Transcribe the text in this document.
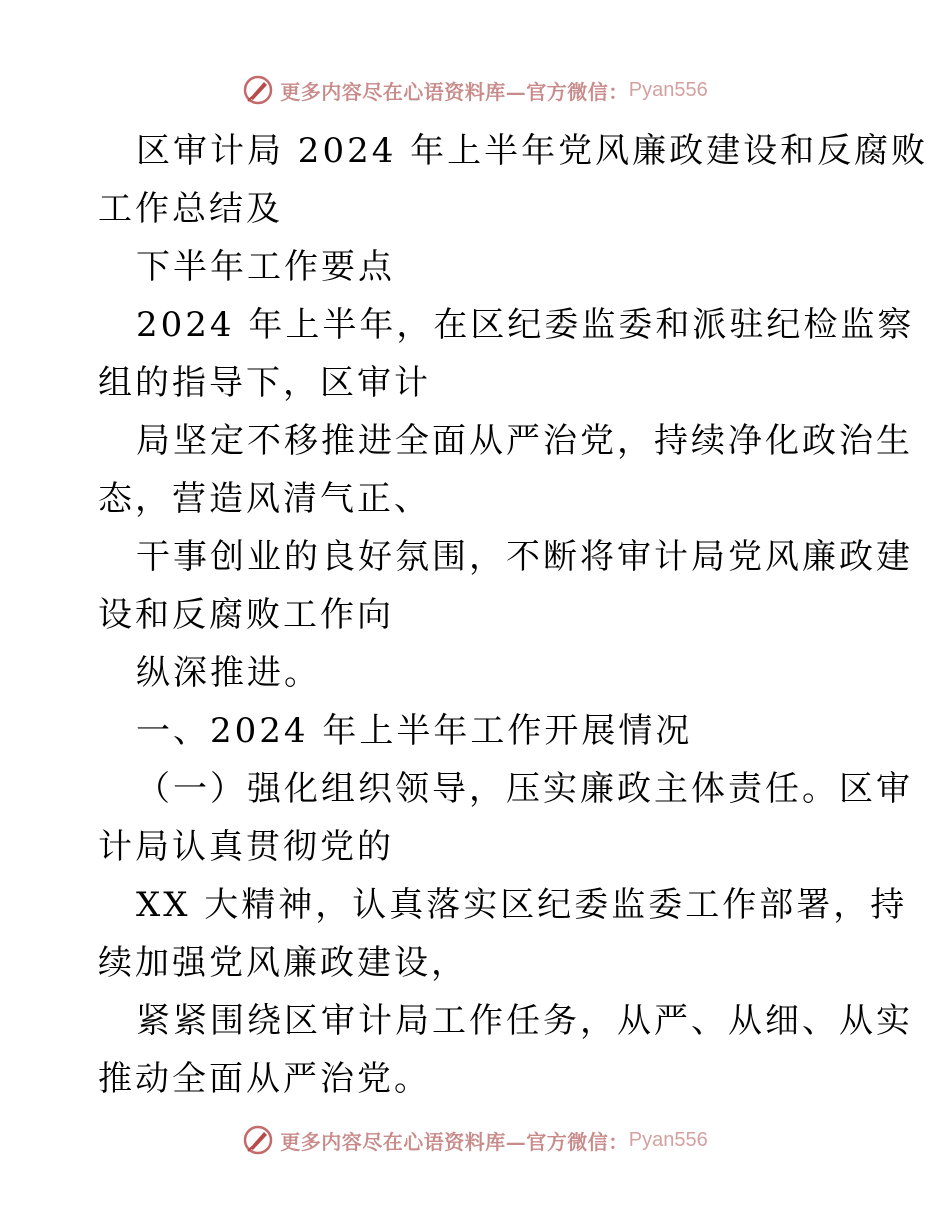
更多内容尽在心语资料库—官方微信： Pyan556
区审计局 2024 年上半年党风廉政建设和反腐败
工作总结及
下半年工作要点
2024 年上半年，在区纪委监委和派驻纪检监察
组的指导下，区审计
局坚定不移推进全面从严治党，持续净化政治生
态，营造风清气正、
干事创业的良好氛围，不断将审计局党风廉政建
设和反腐败工作向
纵深推进。
一、2024 年上半年工作开展情况
（一）强化组织领导，压实廉政主体责任。区审
计局认真贯彻党的
XX 大精神，认真落实区纪委监委工作部署，持
续加强党风廉政建设，
紧紧围绕区审计局工作任务，从严、从细、从实
推动全面从严治党。
更多内容尽在心语资料库—官方微信： Pyan556
